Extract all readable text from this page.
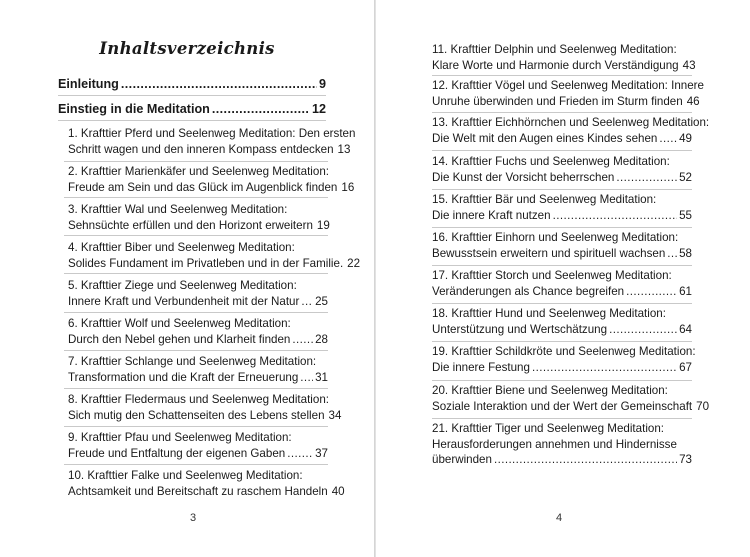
Inhaltsverzeichnis
Einleitung .....	9
Einstieg in die Meditation .....	12
1. Krafttier Pferd und Seelenweg Meditation: Den ersten
Schritt wagen und den inneren Kompass entdecken 13
2. Krafttier Marienkäfer und Seelenweg Meditation:
Freude am Sein und das Glück im Augenblick finden 16
3. Krafttier Wal und Seelenweg Meditation:
Sehnsüchte erfüllen und den Horizont erweitern 19
4. Krafttier Biber und Seelenweg Meditation:
Solides Fundament im Privatleben und in der Familie. 22
5. Krafttier Ziege und Seelenweg Meditation:
Innere Kraft und Verbundenheit mit der Natur ..... 25
6. Krafttier Wolf und Seelenweg Meditation:
Durch den Nebel gehen und Klarheit finden ..... 28
7. Krafttier Schlange und Seelenweg Meditation:
Transformation und die Kraft der Erneuerung ..... 31
8. Krafttier Fledermaus und Seelenweg Meditation:
Sich mutig den Schattenseiten des Lebens stellen 34
9. Krafttier Pfau und Seelenweg Meditation:
Freude und Entfaltung der eigenen Gaben .....	37
10. Krafttier Falke und Seelenweg Meditation:
Achtsamkeit und Bereitschaft zu raschem Handeln 40
3
11. Krafttier Delphin und Seelenweg Meditation:
Klare Worte und Harmonie durch Verständigung 43
12. Krafttier Vögel und Seelenweg Meditation: Innere
Unruhe überwinden und Frieden im Sturm finden 46
13. Krafttier Eichhörnchen und Seelenweg Meditation:
Die Welt mit den Augen eines Kindes sehen ..... 49
14. Krafttier Fuchs und Seelenweg Meditation:
Die Kunst der Vorsicht beherrschen .....	52
15. Krafttier Bär und Seelenweg Meditation:
Die innere Kraft nutzen .....	55
16. Krafttier Einhorn und Seelenweg Meditation:
Bewusstsein erweitern und spirituell wachsen ..... 58
17. Krafttier Storch und Seelenweg Meditation:
Veränderungen als Chance begreifen .....	61
18. Krafttier Hund und Seelenweg Meditation:
Unterstützung und Wertschätzung .....	64
19. Krafttier Schildkröte und Seelenweg Meditation:
Die innere Festung .....	67
20. Krafttier Biene und Seelenweg Meditation:
Soziale Interaktion und der Wert der Gemeinschaft 70
21. Krafttier Tiger und Seelenweg Meditation:
Herausforderungen annehmen und Hindernisse
überwinden .....	73
4
